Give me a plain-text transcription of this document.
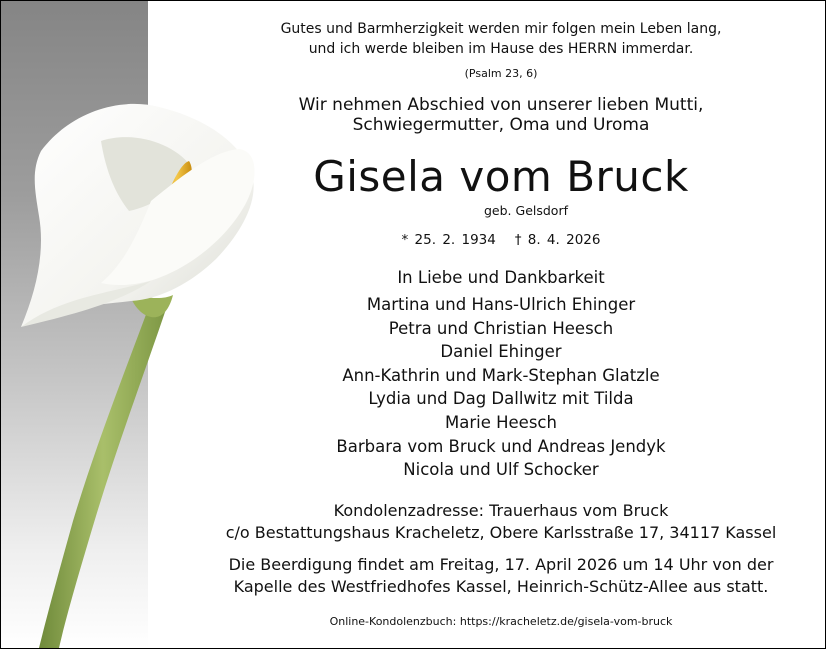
Gutes und Barmherzigkeit werden mir folgen mein Leben lang,
und ich werde bleiben im Hause des HERRN immerdar.
(Psalm 23, 6)
Wir nehmen Abschied von unserer lieben Mutti,
Schwiegermutter, Oma und Uroma
Gisela vom Bruck
geb. Gelsdorf
* 25. 2. 1934   † 8. 4. 2026
In Liebe und Dankbarkeit
Martina und Hans-Ulrich Ehinger
Petra und Christian Heesch
Daniel Ehinger
Ann-Kathrin und Mark-Stephan Glatzle
Lydia und Dag Dallwitz mit Tilda
Marie Heesch
Barbara vom Bruck und Andreas Jendyk
Nicola und Ulf Schocker
Kondolenzadresse: Trauerhaus vom Bruck
c/o Bestattungshaus Kracheletz, Obere Karlsstraße 17, 34117 Kassel
Die Beerdigung findet am Freitag, 17. April 2026 um 14 Uhr von der
Kapelle des Westfriedhofes Kassel, Heinrich-Schütz-Allee aus statt.
Online-Kondolenzbuch: https://kracheletz.de/gisela-vom-bruck
